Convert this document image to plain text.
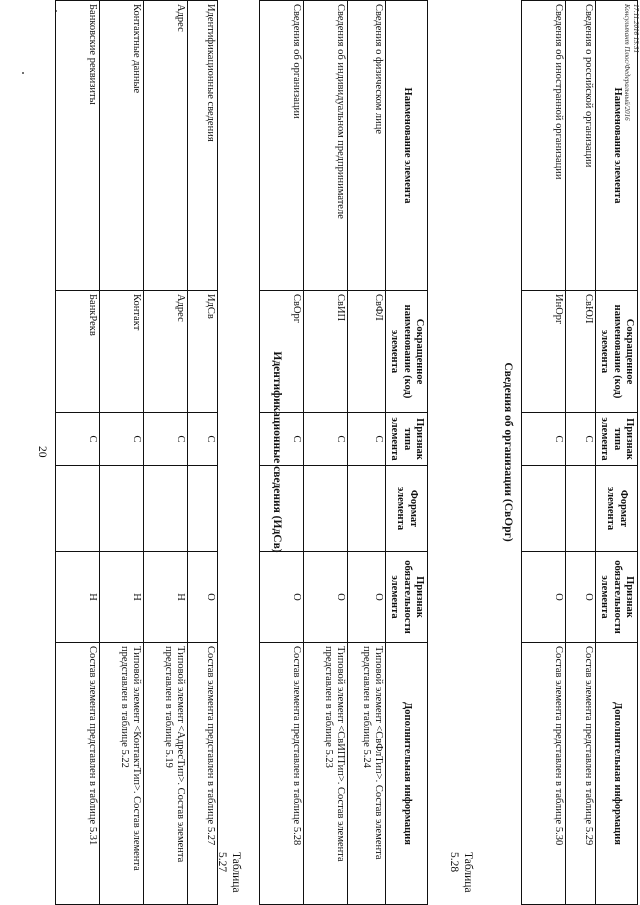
20
Идентификационные сведения	ИдСв	С		О	Состав элемента представлен в таблице 5.27
Адрес	Адрес	С		Н	Типовой элемент <АдресТип>. Состав элемента представлен в таблице 5.19
Контактные данные	Контакт	С		Н	Типовой элемент <КонтактТип>. Состав элемента представлен в таблице 5.22
Банковские реквизиты	БанкРекв	С		Н	Состав элемента представлен в таблице 5.31
Таблица 5.27
Идентификационные сведения (ИдСв)
Наименование элемента	Сокращенное наименование (код) элемента	Признак типа элемента	Формат элемента	Признак обязательности элемента	Дополнительная информация
Сведения о физическом лице	СвФЛ	С		О	Типовой элемент <СвФлТип>. Состав элемента представлен в таблице 5.24
Сведения об индивидуальном предпринимателе	СвИП	С		О	Типовой элемент <СвИПТип>. Состав элемента представлен в таблице 5.23
Сведения об организации	СвОрг	С		О	Состав элемента представлен в таблице 5.28
Таблица 5.28
Сведения об организации (СвОрг)
Наименование элемента	Сокращенное наименование (код) элемента	Признак типа элемента	Формат элемента	Признак обязательности элемента	Дополнительная информация
Сведения о российской организации	СвЮЛ	С		О	Состав элемента представлен в таблице 5.29
Сведения об иностранной организации	ИнОрг	С		О	Состав элемента представлен в таблице 5.30
17.11.2016 13:31
Консультант Плюс/Федеральный/2016
